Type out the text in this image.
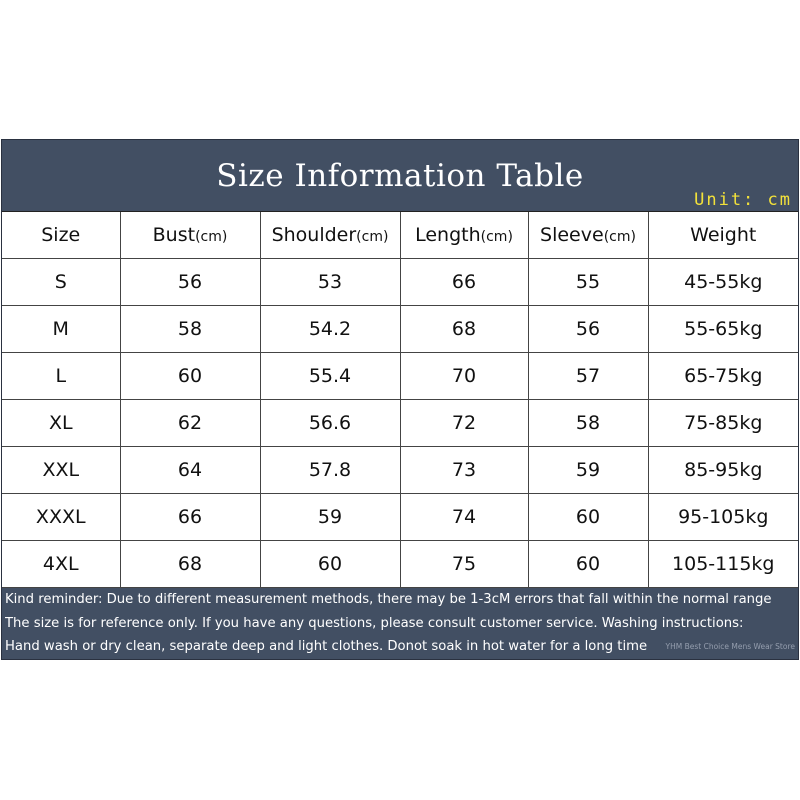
Size Information Table
Unit: cm
Size	Bust(cm)	Shoulder(cm)	Length(cm)	Sleeve(cm)	Weight
S	56	53	66	55	45-55kg
M	58	54.2	68	56	55-65kg
L	60	55.4	70	57	65-75kg
XL	62	56.6	72	58	75-85kg
XXL	64	57.8	73	59	85-95kg
XXXL	66	59	74	60	95-105kg
4XL	68	60	75	60	105-115kg
Kind reminder: Due to different measurement methods, there may be 1-3cM errors that fall within the normal range
The size is for reference only. If you have any questions, please consult customer service. Washing instructions:
Hand wash or dry clean, separate deep and light clothes. Donot soak in hot water for a long time	YHM Best Choice Mens Wear Store
